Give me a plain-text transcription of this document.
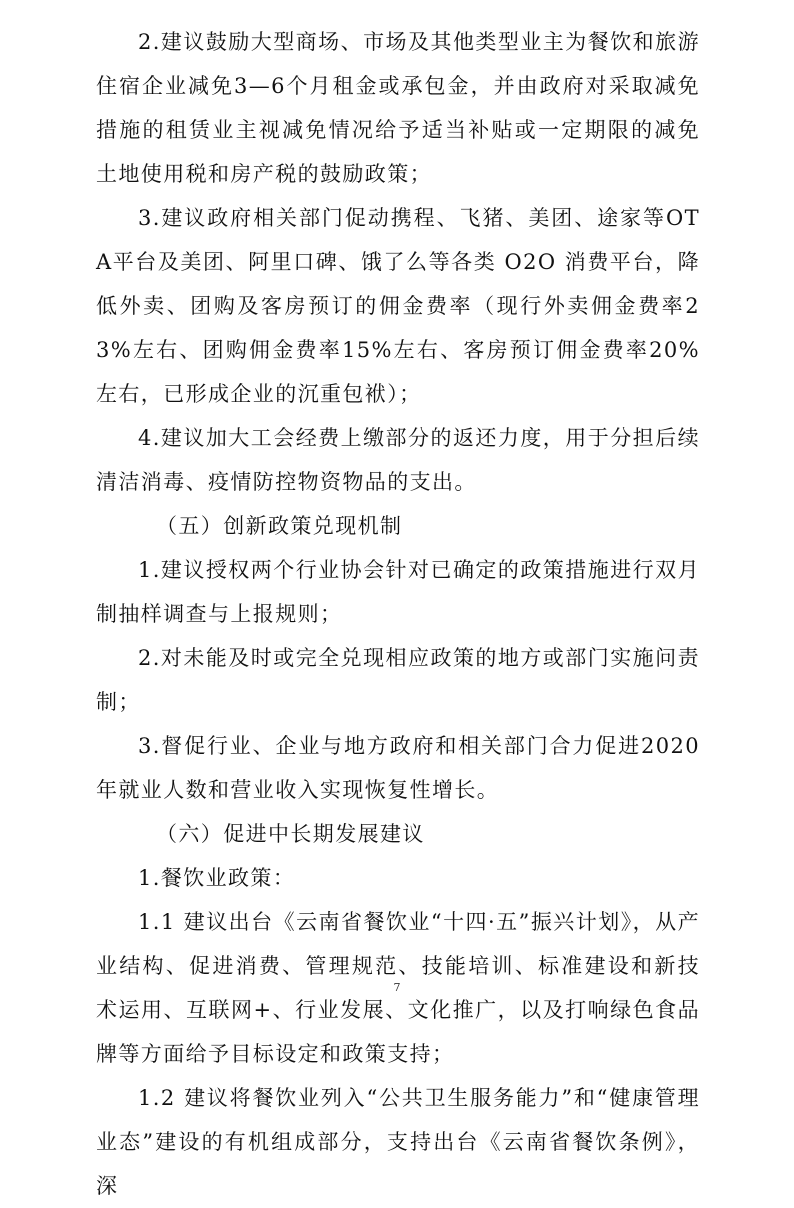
2.建议鼓励大型商场、市场及其他类型业主为餐饮和旅游住宿企业减免3—6个月租金或承包金，并由政府对采取减免措施的租赁业主视减免情况给予适当补贴或一定期限的减免土地使用税和房产税的鼓励政策；

3.建议政府相关部门促动携程、飞猪、美团、途家等OTA平台及美团、阿里口碑、饿了么等各类 O2O 消费平台，降低外卖、团购及客房预订的佣金费率（现行外卖佣金费率23%左右、团购佣金费率15%左右、客房预订佣金费率20%左右，已形成企业的沉重包袱）；

4.建议加大工会经费上缴部分的返还力度，用于分担后续清洁消毒、疫情防控物资物品的支出。

（五）创新政策兑现机制

1.建议授权两个行业协会针对已确定的政策措施进行双月制抽样调查与上报规则；

2.对未能及时或完全兑现相应政策的地方或部门实施问责制；

3.督促行业、企业与地方政府和相关部门合力促进2020年就业人数和营业收入实现恢复性增长。

（六）促进中长期发展建议

1.餐饮业政策：

1.1 建议出台《云南省餐饮业“十四·五”振兴计划》，从产业结构、促进消费、管理规范、技能培训、标准建设和新技术运用、互联网+、行业发展、文化推广，以及打响绿色食品牌等方面给予目标设定和政策支持；

1.2 建议将餐饮业列入“公共卫生服务能力”和“健康管理业态”建设的有机组成部分，支持出台《云南省餐饮条例》，深

7
